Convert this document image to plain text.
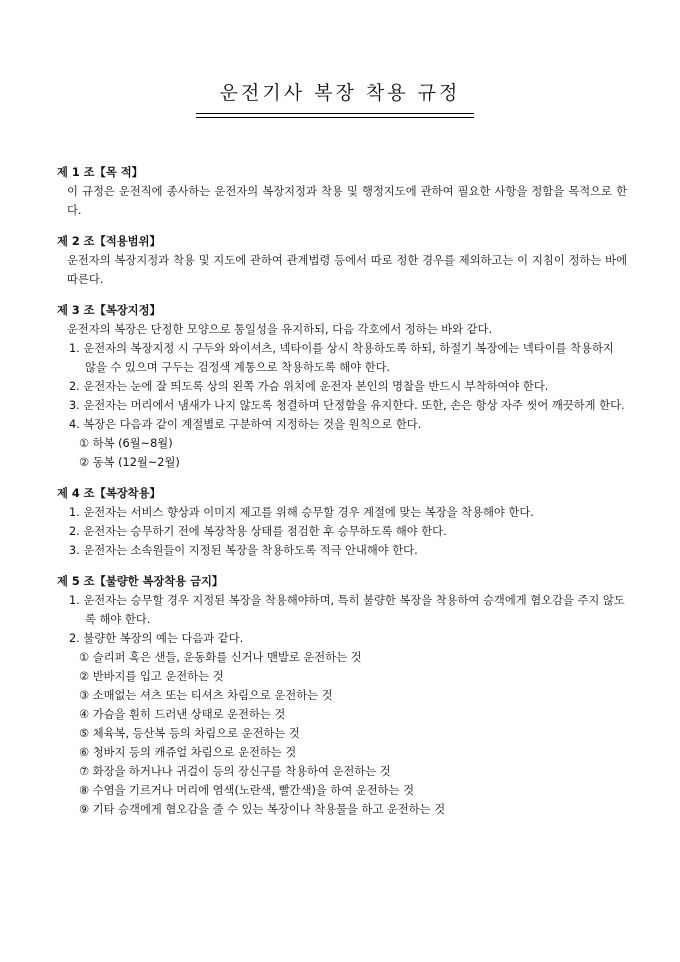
운전기사 복장 착용 규정
제 1 조【목 적】
이 규정은 운전직에 종사하는 운전자의 복장지정과 착용 및 행정지도에 관하여 필요한 사항을 정함을 목적으로 한다.
제 2 조【적용범위】
운전자의 복장지정과 착용 및 지도에 관하여 관계법령 등에서 따로 정한 경우를 제외하고는 이 지침이 정하는 바에 따른다.
제 3 조【복장지정】
운전자의 복장은 단정한 모양으로 통일성을 유지하되, 다음 각호에서 정하는 바와 같다.
1. 운전자의 복장지정 시 구두와 와이셔츠, 넥타이를 상시 착용하도록 하되, 하절기 복장에는 넥타이를 착용하지 않을 수 있으며 구두는 검정색 계통으로 착용하도록 해야 한다.
2. 운전자는 눈에 잘 띄도록 상의 왼쪽 가슴 위치에 운전자 본인의 명찰을 반드시 부착하여야 한다.
3. 운전자는 머리에서 냄새가 나지 않도록 청결하며 단정함을 유지한다. 또한, 손은 항상 자주 씻어 깨끗하게 한다.
4. 복장은 다음과 같이 계절별로 구분하여 지정하는 것을 원칙으로 한다.
① 하복 (6월~8월)
② 동복 (12월~2월)
제 4 조【복장착용】
1. 운전자는 서비스 향상과 이미지 제고를 위해 승무할 경우 계절에 맞는 복장을 착용해야 한다.
2. 운전자는 승무하기 전에 복장착용 상태를 점검한 후 승무하도록 해야 한다.
3. 운전자는 소속원들이 지정된 복장을 착용하도록 적극 안내해야 한다.
제 5 조【불량한 복장착용 금지】
1. 운전자는 승무할 경우 지정된 복장을 착용해야하며, 특히 불량한 복장을 착용하여 승객에게 혐오감을 주지 않도록 해야 한다.
2. 불량한 복장의 예는 다음과 같다.
① 슬리퍼 혹은 샌들, 운동화를 신거나 맨발로 운전하는 것
② 반바지를 입고 운전하는 것
③ 소매없는 셔츠 또는 티셔츠 차림으로 운전하는 것
④ 가슴을 훤히 드러낸 상태로 운전하는 것
⑤ 체육복, 등산복 등의 차림으로 운전하는 것
⑥ 청바지 등의 캐쥬얼 차림으로 운전하는 것
⑦ 화장을 하거나나 귀걸이 등의 장신구를 착용하여 운전하는 것
⑧ 수염을 기르거나 머리에 염색(노란색, 빨간색)을 하여 운전하는 것
⑨ 기타 승객에게 혐오감을 줄 수 있는 복장이나 착용물을 하고 운전하는 것
